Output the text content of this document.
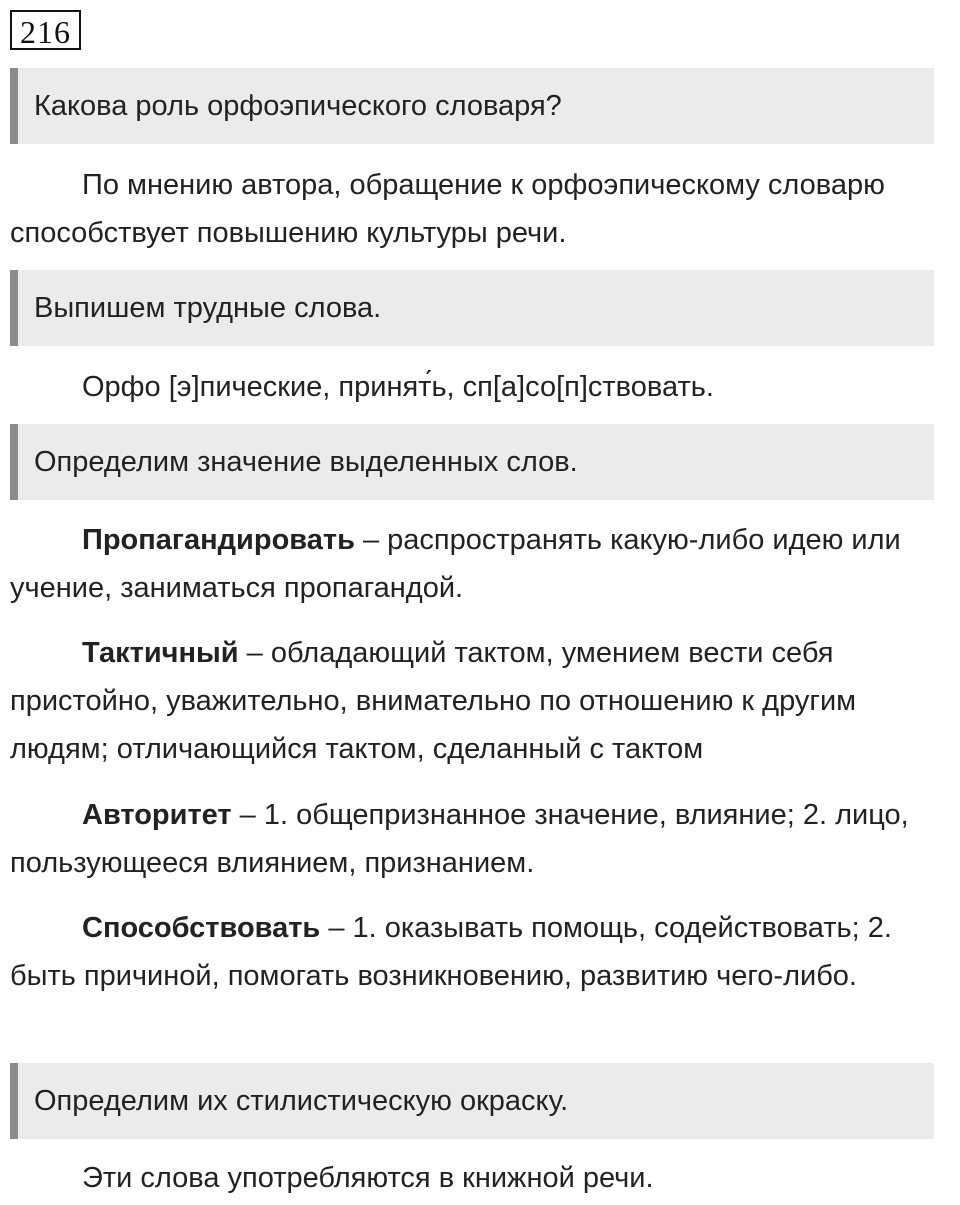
216
Какова роль орфоэпического словаря?

По мнению автора, обращение к орфоэпическому словарю способствует повышению культуры речи.

Выпишем трудные слова.

Орфо [э]пические, принят́ь, сп[а]со[п]ствовать.

Определим значение выделенных слов.

Пропагандировать – распространять какую-либо идею или учение, заниматься пропагандой.

Тактичный – обладающий тактом, умением вести себя пристойно, уважительно, внимательно по отношению к другим людям; отличающийся тактом, сделанный с тактом

Авторитет – 1. общепризнанное значение, влияние; 2. лицо, пользующееся влиянием, признанием.

Способствовать – 1. оказывать помощь, содействовать; 2. быть причиной, помогать возникновению, развитию чего-либо.

Определим их стилистическую окраску.

Эти слова употребляются в книжной речи.
